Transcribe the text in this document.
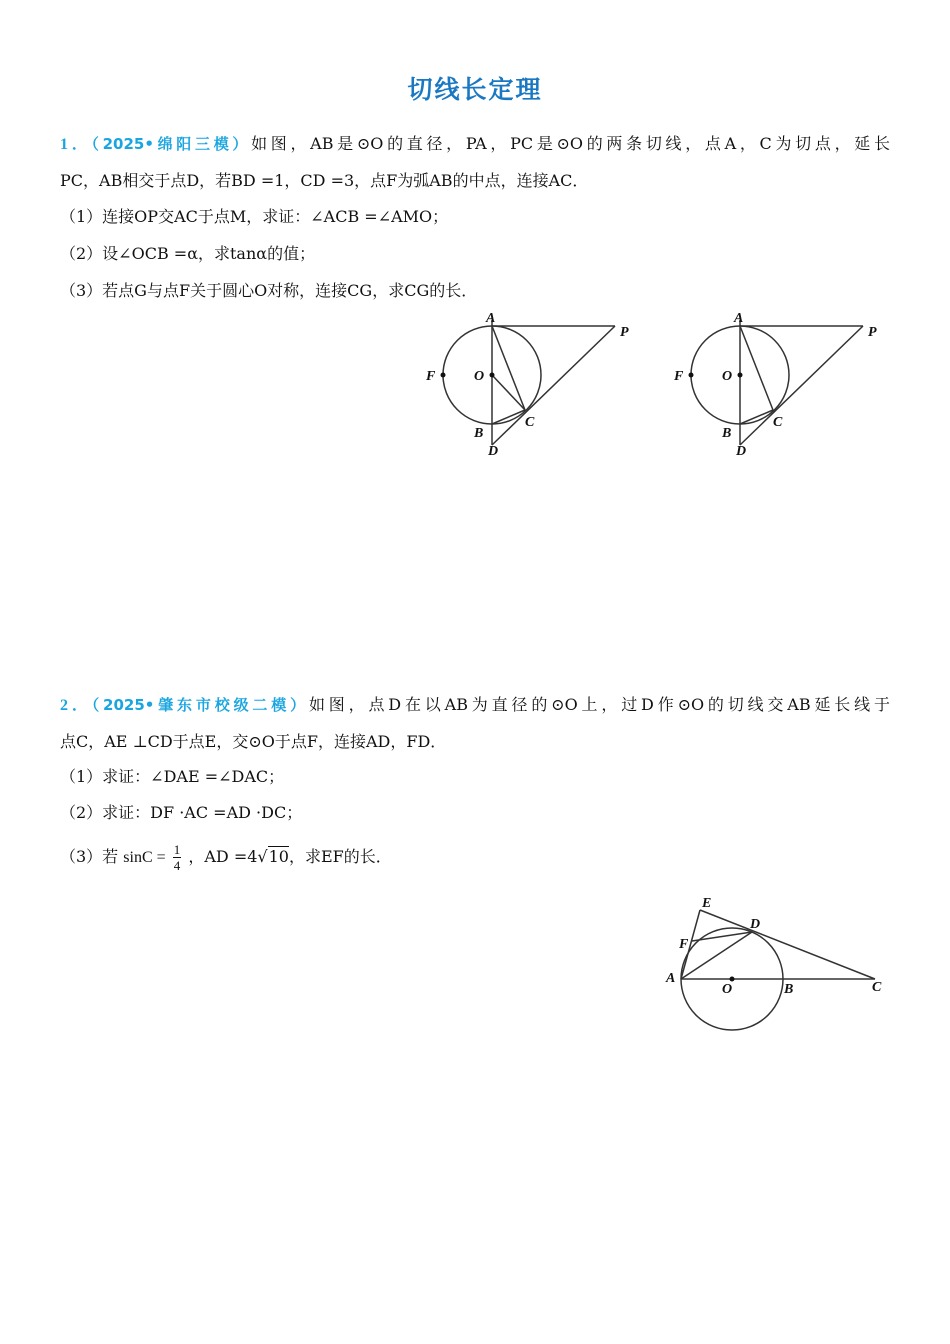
切线长定理
1．（2025•绵阳三模）如图，AB是⊙O的直径，PA，PC是⊙O的两条切线，点A，C为切点，延长
PC，AB相交于点D，若BD =1，CD =3，点F为弧AB的中点，连接AC．
（1）连接OP交AC于点M，求证：∠ACB =∠AMO；
（2）设∠OCB =α，求tanα的值；
（3）若点G与点F关于圆心O对称，连接CG，求CG的长．
A
P
F	O
B
C
D
A
P
F	O
B
C
D
2．（2025•肇东市校级二模）如图，点D在以AB为直径的⊙O上，过D作⊙O的切线交AB延长线于
点C，AE ⊥CD于点E，交⊙O于点F，连接AD，FD．
（1）求证：∠DAE =∠DAC；
（2）求证：DF ·AC =AD ·DC；
（3）若 $\sin C = \frac{1}{4}$ ，AD =4√10，求EF的长．
E
D
F
A
O	B	C
